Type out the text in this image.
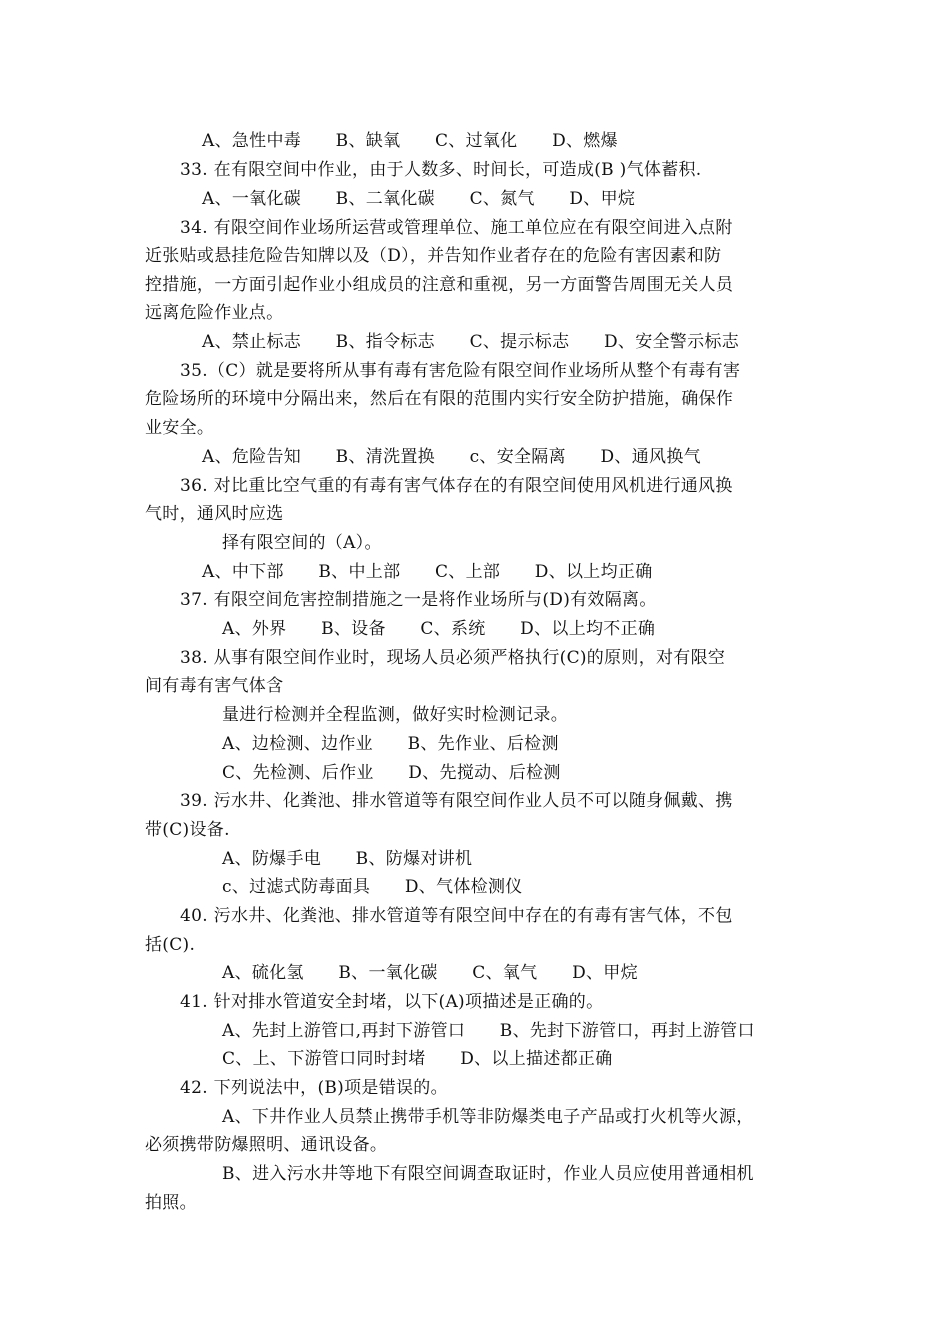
A、急性中毒　　B、缺氧　　C、过氧化　　D、燃爆
33. 在有限空间中作业，由于人数多、时间长，可造成(B )气体蓄积.
A、一氧化碳　　B、二氧化碳　　C、氮气　　D、甲烷
34. 有限空间作业场所运营或管理单位、施工单位应在有限空间进入点附
近张贴或悬挂危险告知牌以及（D），并告知作业者存在的危险有害因素和防
控措施，一方面引起作业小组成员的注意和重视，另一方面警告周围无关人员
远离危险作业点。
A、禁止标志　　B、指令标志　　C、提示标志　　D、安全警示标志
35.（C）就是要将所从事有毒有害危险有限空间作业场所从整个有毒有害
危险场所的环境中分隔出来，然后在有限的范围内实行安全防护措施，确保作
业安全。
A、危险告知　　B、清洗置换　　c、安全隔离　　D、通风换气
36. 对比重比空气重的有毒有害气体存在的有限空间使用风机进行通风换
气时，通风时应选
择有限空间的（A）。
A、中下部　　B、中上部　　C、上部　　D、以上均正确
37. 有限空间危害控制措施之一是将作业场所与(D)有效隔离。
A、外界　　B、设备　　C、系统　　D、以上均不正确
38. 从事有限空间作业时，现场人员必须严格执行(C)的原则，对有限空
间有毒有害气体含
量进行检测并全程监测，做好实时检测记录。
A、边检测、边作业　　B、先作业、后检测
C、先检测、后作业　　D、先搅动、后检测
39. 污水井、化粪池、排水管道等有限空间作业人员不可以随身佩戴、携
带(C)设备.
A、防爆手电　　B、防爆对讲机
c、过滤式防毒面具　　D、气体检测仪
40. 污水井、化粪池、排水管道等有限空间中存在的有毒有害气体，不包
括(C).
A、硫化氢　　B、一氧化碳　　C、氧气　　D、甲烷
41. 针对排水管道安全封堵，以下(A)项描述是正确的。
A、先封上游管口,再封下游管口　　B、先封下游管口，再封上游管口
C、上、下游管口同时封堵　　D、以上描述都正确
42. 下列说法中，(B)项是错误的。
A、下井作业人员禁止携带手机等非防爆类电子产品或打火机等火源，
必须携带防爆照明、通讯设备。
B、进入污水井等地下有限空间调查取证时，作业人员应使用普通相机
拍照。
